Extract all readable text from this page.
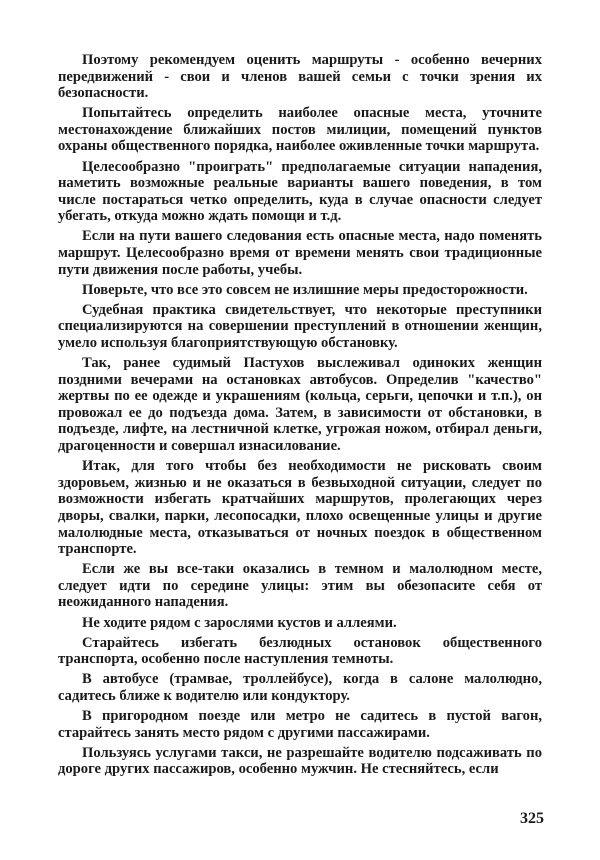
Поэтому рекомендуем оценить маршруты - особенно вечерних передвижений - свои и членов вашей семьи с точки зрения их безопасности.

Попытайтесь определить наиболее опасные места, уточните местонахождение ближайших постов милиции, помещений пунктов охраны общественного порядка, наиболее оживленные точки маршрута.

Целесообразно "проиграть" предполагаемые ситуации нападения, наметить возможные реальные варианты вашего поведения, в том числе постараться четко определить, куда в случае опасности следует убегать, откуда можно ждать помощи и т.д.

Если на пути вашего следования есть опасные места, надо поменять маршрут. Целесообразно время от времени менять свои традиционные пути движения после работы, учебы.

Поверьте, что все это совсем не излишние меры предосторожности.

Судебная практика свидетельствует, что некоторые преступники специализируются на совершении преступлений в отношении женщин, умело используя благоприятствующую обстановку.

Так, ранее судимый Пастухов выслеживал одиноких женщин поздними вечерами на остановках автобусов. Определив "качество" жертвы по ее одежде и украшениям (кольца, серьги, цепочки и т.п.), он провожал ее до подъезда дома. Затем, в зависимости от обстановки, в подъезде, лифте, на лестничной клетке, угрожая ножом, отбирал деньги, драгоценности и совершал изнасилование.

Итак, для того чтобы без необходимости не рисковать своим здоровьем, жизнью и не оказаться в безвыходной ситуации, следует по возможности избегать кратчайших маршрутов, пролегающих через дворы, свалки, парки, лесопосадки, плохо освещенные улицы и другие малолюдные места, отказываться от ночных поездок в общественном транспорте.

Если же вы все-таки оказались в темном и малолюдном месте, следует идти по середине улицы: этим вы обезопасите себя от неожиданного нападения.

Не ходите рядом с зарослями кустов и аллеями.

Старайтесь избегать безлюдных остановок общественного транспорта, особенно после наступления темноты.

В автобусе (трамвае, троллейбусе), когда в салоне малолюдно, садитесь ближе к водителю или кондуктору.

В пригородном поезде или метро не садитесь в пустой вагон, старайтесь занять место рядом с другими пассажирами.

Пользуясь услугами такси, не разрешайте водителю подсаживать по дороге других пассажиров, особенно мужчин. Не стесняйтесь, если

325
